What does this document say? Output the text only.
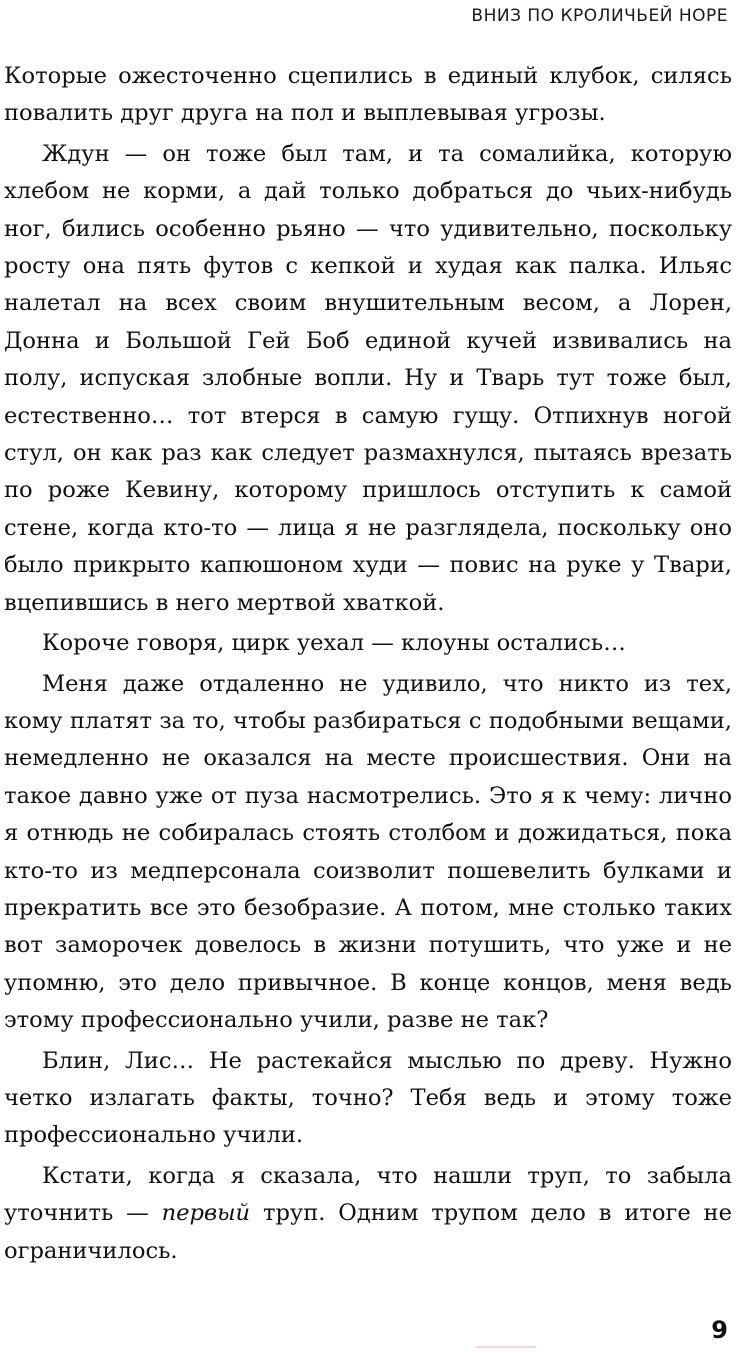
ВНИЗ ПО КРОЛИЧЬЕЙ НОРЕ

Которые ожесточенно сцепились в единый клубок, силясь повалить друг друга на пол и выплевывая угрозы.

Ждун — он тоже был там, и та сомалийка, которую хлебом не корми, а дай только добраться до чьих-нибудь ног, бились особенно рьяно — что удивительно, поскольку росту она пять футов с кепкой и худая как палка. Ильяс налетал на всех своим внушительным весом, а Лорен, Донна и Большой Гей Боб единой кучей извивались на полу, испуская злобные вопли. Ну и Тварь тут тоже был, естественно… тот втерся в самую гущу. Отпихнув ногой стул, он как раз как следует размахнулся, пытаясь врезать по роже Кевину, которому пришлось отступить к самой стене, когда кто-то — лица я не разглядела, поскольку оно было прикрыто капюшоном худи — повис на руке у Твари, вцепившись в него мертвой хваткой.

Короче говоря, цирк уехал — клоуны остались…

Меня даже отдаленно не удивило, что никто из тех, кому платят за то, чтобы разбираться с подобными вещами, немедленно не оказался на месте происшествия. Они на такое давно уже от пуза насмотрелись. Это я к чему: лично я отнюдь не собиралась стоять столбом и дожидаться, пока кто-то из медперсонала соизволит пошевелить булками и прекратить все это безобразие. А потом, мне столько таких вот заморочек довелось в жизни потушить, что уже и не упомню, это дело привычное. В конце концов, меня ведь этому профессионально учили, разве не так?

Блин, Лис… Не растекайся мыслью по древу. Нужно четко излагать факты, точно? Тебя ведь и этому тоже профессионально учили.

Кстати, когда я сказала, что нашли труп, то забыла уточнить — первый труп. Одним трупом дело в итоге не ограничилось.

9
